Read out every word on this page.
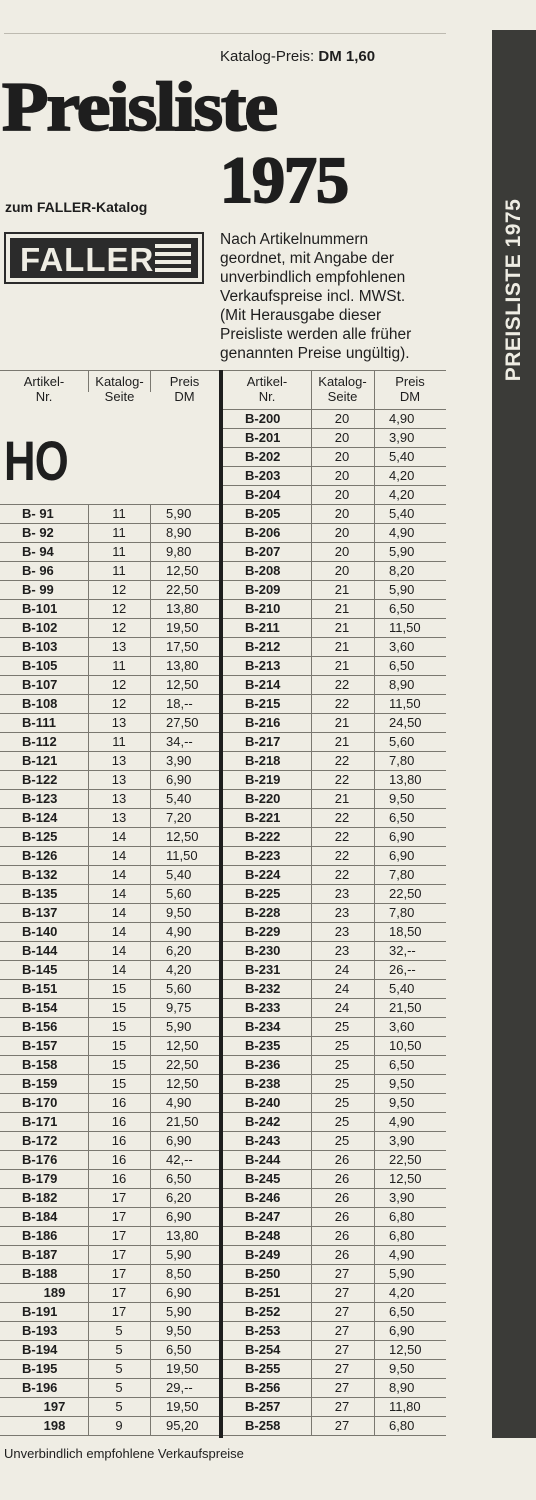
Katalog-Preis: DM 1,60
Preisliste
1975
zum FALLER-Katalog
FALLER
Nach Artikelnummern
geordnet, mit Angabe der
unverbindlich empfohlenen
Verkaufspreise incl. MWSt.
(Mit Herausgabe dieser
Preisliste werden alle früher
genannten Preise ungültig).	PREISLISTE 1975
Artikel-
Nr.
Katalog-
Seite
Preis
DM
Artikel-
Nr.
Katalog-
Seite
Preis
DM
B- 91	11	5,90
B- 92	11	8,90
B- 94	11	9,80
B- 96	11	12,50
B- 99	12	22,50
B-101	12	13,80
B-102	12	19,50
B-103	13	17,50
B-105	11	13,80
B-107	12	12,50
B-108	12	18,--
B-111	13	27,50
B-112	11	34,--
B-121	13	3,90
B-122	13	6,90
B-123	13	5,40
B-124	13	7,20
B-125	14	12,50
B-126	14	11,50
B-132	14	5,40
B-135	14	5,60
B-137	14	9,50
B-140	14	4,90
B-144	14	6,20
B-145	14	4,20
B-151	15	5,60
B-154	15	9,75
B-156	15	5,90
B-157	15	12,50
B-158	15	22,50
B-159	15	12,50
B-170	16	4,90
B-171	16	21,50
B-172	16	6,90
B-176	16	42,--
B-179	16	6,50
B-182	17	6,20
B-184	17	6,90
B-186	17	13,80
B-187	17	5,90
B-188	17	8,50
189	17	6,90
B-191	17	5,90
B-193	5	9,50
B-194	5	6,50
B-195	5	19,50
B-196	5	29,--
197	5	19,50
198	9	95,20
B-200	20	4,90
B-201	20	3,90
B-202	20	5,40
B-203	20	4,20
B-204	20	4,20
B-205	20	5,40
B-206	20	4,90
B-207	20	5,90
B-208	20	8,20
B-209	21	5,90
B-210	21	6,50
B-211	21	11,50
B-212	21	3,60
B-213	21	6,50
B-214	22	8,90
B-215	22	11,50
B-216	21	24,50
B-217	21	5,60
B-218	22	7,80
B-219	22	13,80
B-220	21	9,50
B-221	22	6,50
B-222	22	6,90
B-223	22	6,90
B-224	22	7,80
B-225	23	22,50
B-228	23	7,80
B-229	23	18,50
B-230	23	32,--
B-231	24	26,--
B-232	24	5,40
B-233	24	21,50
B-234	25	3,60
B-235	25	10,50
B-236	25	6,50
B-238	25	9,50
B-240	25	9,50
B-242	25	4,90
B-243	25	3,90
B-244	26	22,50
B-245	26	12,50
B-246	26	3,90
B-247	26	6,80
B-248	26	6,80
B-249	26	4,90
B-250	27	5,90
B-251	27	4,20
B-252	27	6,50
B-253	27	6,90
B-254	27	12,50
B-255	27	9,50
B-256	27	8,90
B-257	27	11,80
B-258	27	6,80
HO
Unverbindlich empfohlene Verkaufspreise
